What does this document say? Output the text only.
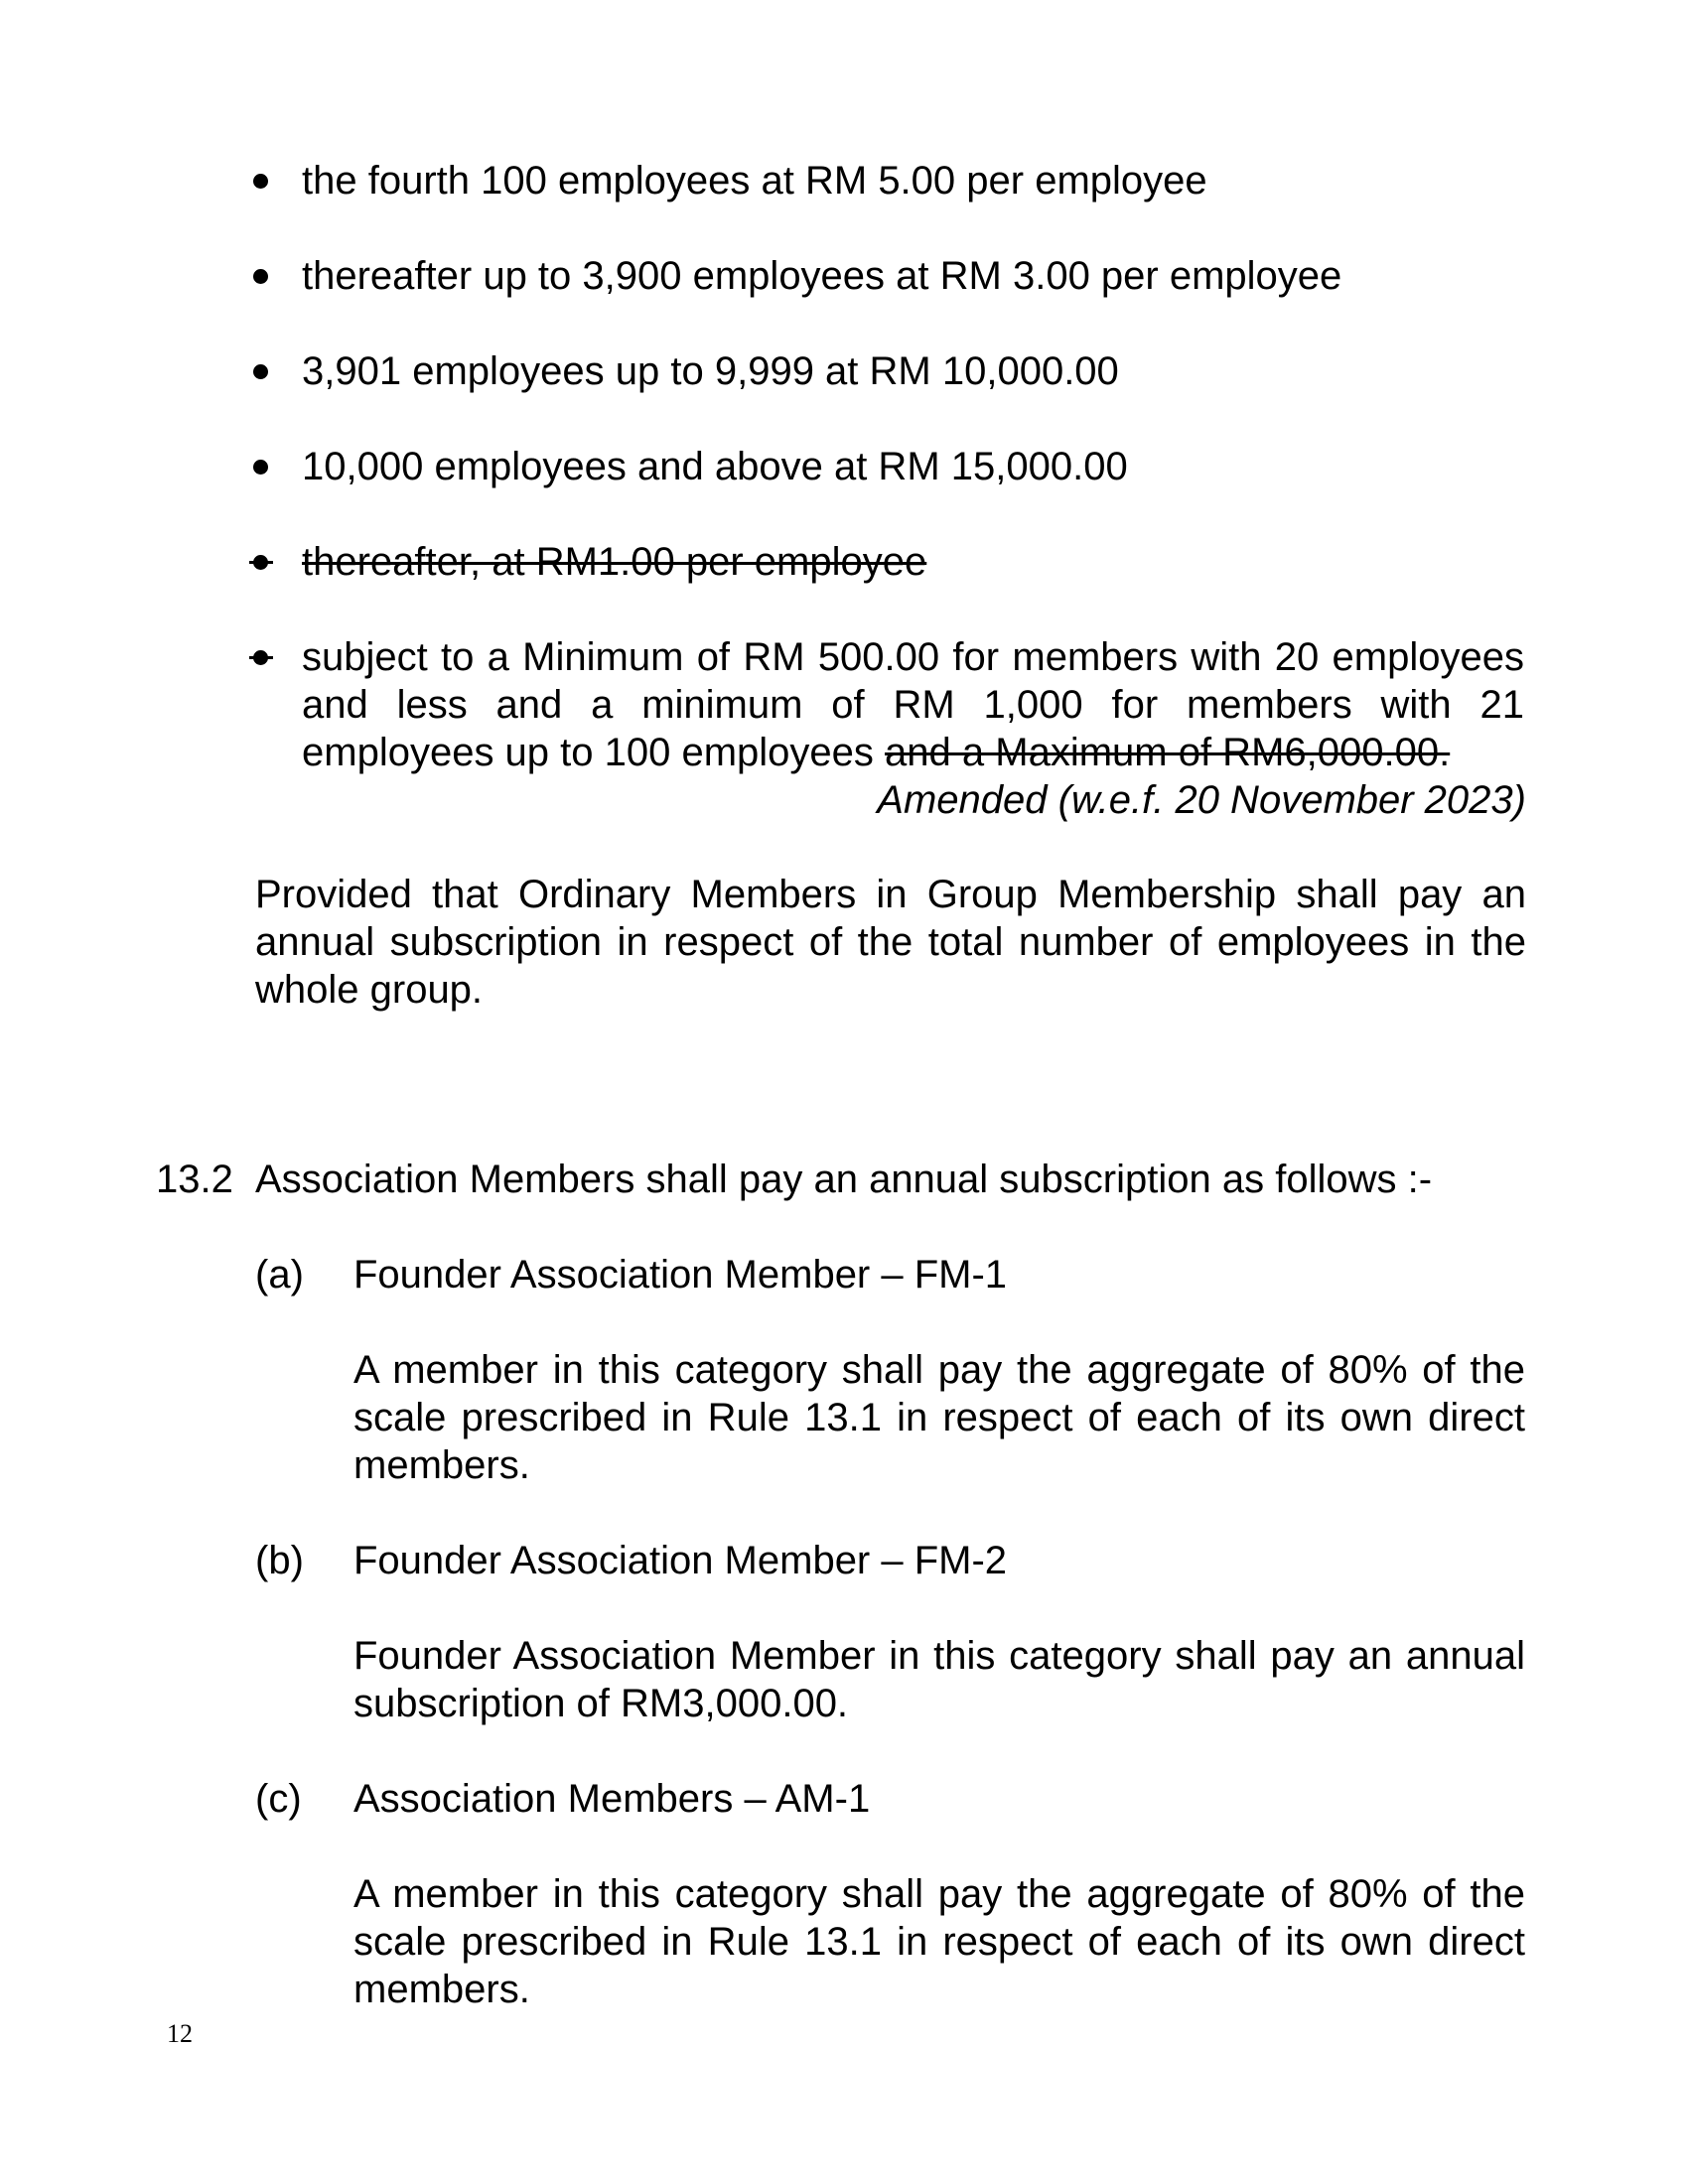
the fourth 100 employees at RM 5.00 per employee
thereafter up to 3,900 employees at RM 3.00 per employee
3,901 employees up to 9,999 at RM 10,000.00
10,000 employees and above at RM 15,000.00
thereafter, at RM1.00 per employee
subject to a Minimum of RM 500.00 for members with 20 employees and less and a minimum of RM 1,000 for members with 21 employees up to 100 employees and a Maximum of RM6,000.00.
Amended (w.e.f. 20 November 2023)
Provided that Ordinary Members in Group Membership shall pay an annual subscription in respect of the total number of employees in the whole group.
13.2 Association Members shall pay an annual subscription as follows :-
(a) Founder Association Member – FM-1
A member in this category shall pay the aggregate of 80% of the scale prescribed in Rule 13.1 in respect of each of its own direct members.
(b) Founder Association Member – FM-2
Founder Association Member in this category shall pay an annual subscription of RM3,000.00.
(c) Association Members – AM-1
A member in this category shall pay the aggregate of 80% of the scale prescribed in Rule 13.1 in respect of each of its own direct members.
12
